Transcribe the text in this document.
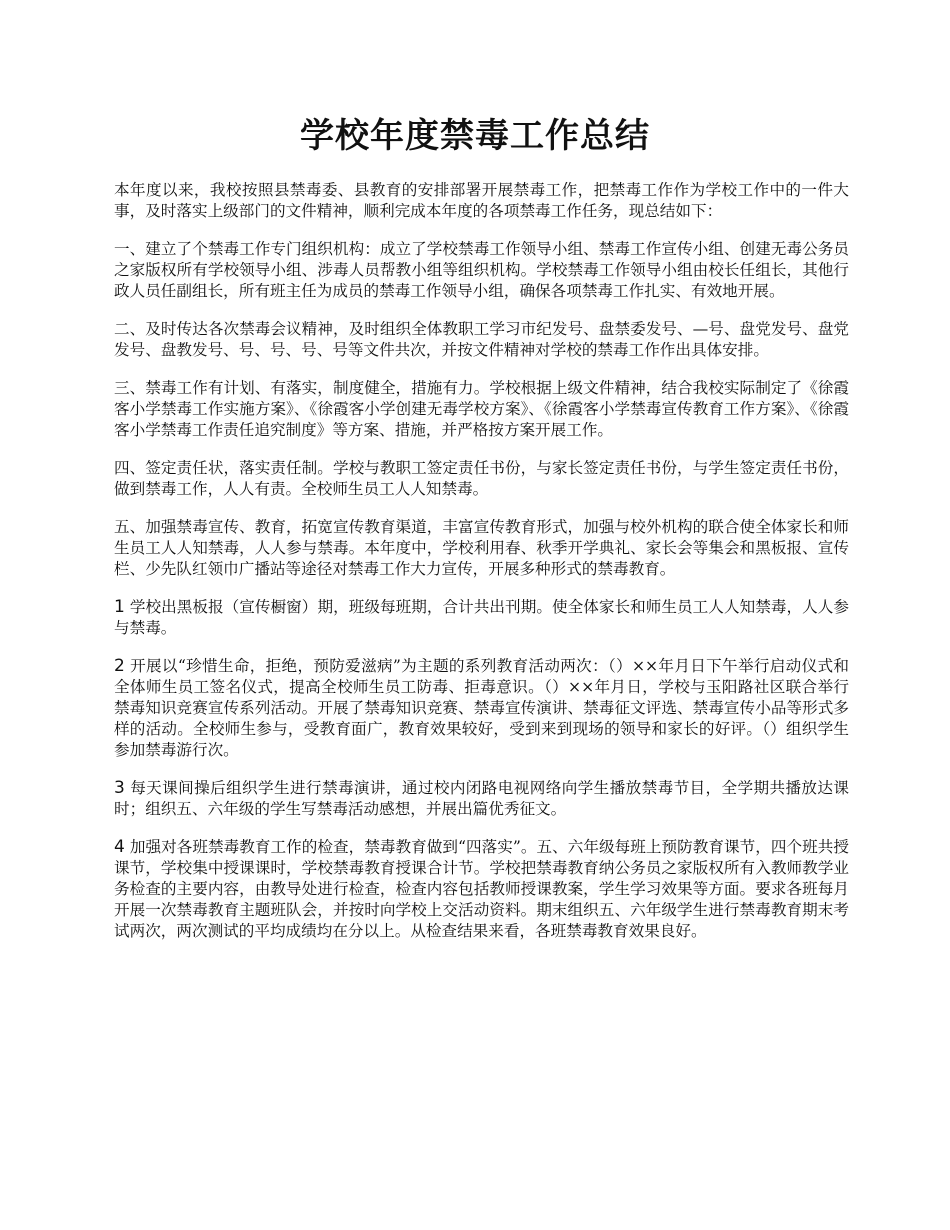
学校年度禁毒工作总结

本年度以来，我校按照县禁毒委、县教育的安排部署开展禁毒工作，把禁毒工作作为学校工作中的一件大事，及时落实上级部门的文件精神，顺利完成本年度的各项禁毒工作任务，现总结如下：

一、建立了个禁毒工作专门组织机构：成立了学校禁毒工作领导小组、禁毒工作宣传小组、创建无毒公务员之家版权所有学校领导小组、涉毒人员帮教小组等组织机构。学校禁毒工作领导小组由校长任组长，其他行政人员任副组长，所有班主任为成员的禁毒工作领导小组，确保各项禁毒工作扎实、有效地开展。

二、及时传达各次禁毒会议精神，及时组织全体教职工学习市纪发号、盘禁委发号、—号、盘党发号、盘党发号、盘教发号、号、号、号、号等文件共次，并按文件精神对学校的禁毒工作作出具体安排。

三、禁毒工作有计划、有落实，制度健全，措施有力。学校根据上级文件精神，结合我校实际制定了《徐霞客小学禁毒工作实施方案》、《徐霞客小学创建无毒学校方案》、《徐霞客小学禁毒宣传教育工作方案》、《徐霞客小学禁毒工作责任追究制度》等方案、措施，并严格按方案开展工作。

四、签定责任状，落实责任制。学校与教职工签定责任书份，与家长签定责任书份，与学生签定责任书份，做到禁毒工作，人人有责。全校师生员工人人知禁毒。

五、加强禁毒宣传、教育，拓宽宣传教育渠道，丰富宣传教育形式，加强与校外机构的联合使全体家长和师生员工人人知禁毒，人人参与禁毒。本年度中，学校利用春、秋季开学典礼、家长会等集会和黑板报、宣传栏、少先队红领巾广播站等途径对禁毒工作大力宣传，开展多种形式的禁毒教育。

1 学校出黑板报（宣传橱窗）期，班级每班期，合计共出刊期。使全体家长和师生员工人人知禁毒，人人参与禁毒。

2 开展以“珍惜生命，拒绝，预防爱滋病”为主题的系列教育活动两次：（）××年月日下午举行启动仪式和全体师生员工签名仪式，提高全校师生员工防毒、拒毒意识。（）××年月日，学校与玉阳路社区联合举行禁毒知识竞赛宣传系列活动。开展了禁毒知识竞赛、禁毒宣传演讲、禁毒征文评选、禁毒宣传小品等形式多样的活动。全校师生参与，受教育面广，教育效果较好，受到来到现场的领导和家长的好评。（）组织学生参加禁毒游行次。

3 每天课间操后组织学生进行禁毒演讲，通过校内闭路电视网络向学生播放禁毒节目，全学期共播放达课时；组织五、六年级的学生写禁毒活动感想，并展出篇优秀征文。

4 加强对各班禁毒教育工作的检查，禁毒教育做到“四落实”。五、六年级每班上预防教育课节，四个班共授课节，学校集中授课课时，学校禁毒教育授课合计节。学校把禁毒教育纳公务员之家版权所有入教师教学业务检查的主要内容，由教导处进行检查，检查内容包括教师授课教案，学生学习效果等方面。要求各班每月开展一次禁毒教育主题班队会，并按时向学校上交活动资料。期末组织五、六年级学生进行禁毒教育期末考试两次，两次测试的平均成绩均在分以上。从检查结果来看，各班禁毒教育效果良好。
